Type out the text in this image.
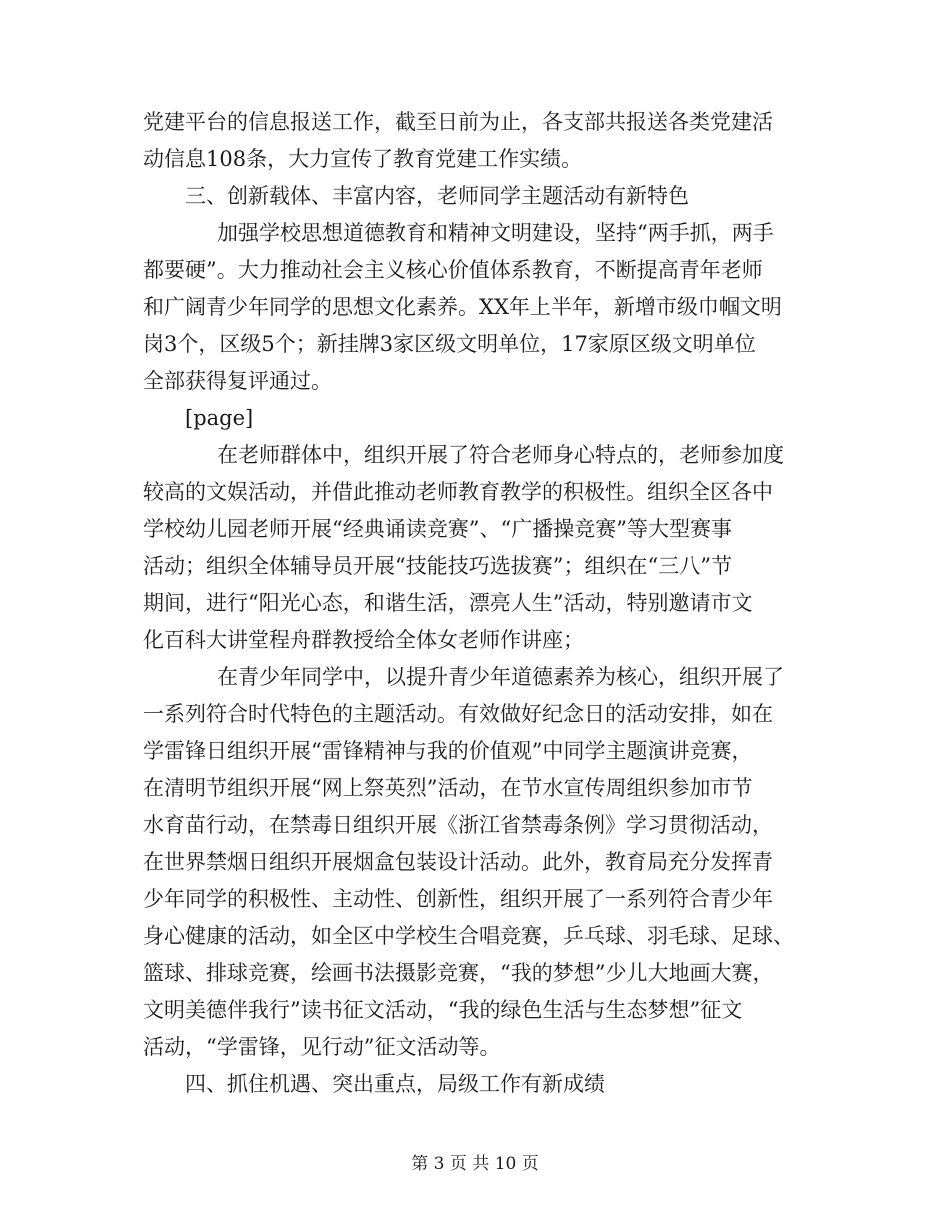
党建平台的信息报送工作，截至日前为止，各支部共报送各类党建活
动信息108条，大力宣传了教育党建工作实绩。
三、创新载体、丰富内容，老师同学主题活动有新特色
加强学校思想道德教育和精神文明建设，坚持“两手抓，两手
都要硬”。大力推动社会主义核心价值体系教育，不断提高青年老师
和广阔青少年同学的思想文化素养。XX年上半年，新增市级巾帼文明
岗3个，区级5个；新挂牌3家区级文明单位，17家原区级文明单位
全部获得复评通过。
[page]
在老师群体中，组织开展了符合老师身心特点的，老师参加度
较高的文娱活动，并借此推动老师教育教学的积极性。组织全区各中
学校幼儿园老师开展“经典诵读竞赛”、“广播操竞赛”等大型赛事
活动；组织全体辅导员开展“技能技巧选拔赛”；组织在“三八”节
期间，进行“阳光心态，和谐生活，漂亮人生”活动，特别邀请市文
化百科大讲堂程舟群教授给全体女老师作讲座；
在青少年同学中，以提升青少年道德素养为核心，组织开展了
一系列符合时代特色的主题活动。有效做好纪念日的活动安排，如在
学雷锋日组织开展“雷锋精神与我的价值观”中同学主题演讲竞赛，
在清明节组织开展“网上祭英烈”活动，在节水宣传周组织参加市节
水育苗行动，在禁毒日组织开展《浙江省禁毒条例》学习贯彻活动，
在世界禁烟日组织开展烟盒包装设计活动。此外，教育局充分发挥青
少年同学的积极性、主动性、创新性，组织开展了一系列符合青少年
身心健康的活动，如全区中学校生合唱竞赛，乒乓球、羽毛球、足球、
篮球、排球竞赛，绘画书法摄影竞赛，“我的梦想”少儿大地画大赛，
文明美德伴我行”读书征文活动，“我的绿色生活与生态梦想”征文
活动，“学雷锋，见行动”征文活动等。
四、抓住机遇、突出重点，局级工作有新成绩
第 3 页 共 10 页
